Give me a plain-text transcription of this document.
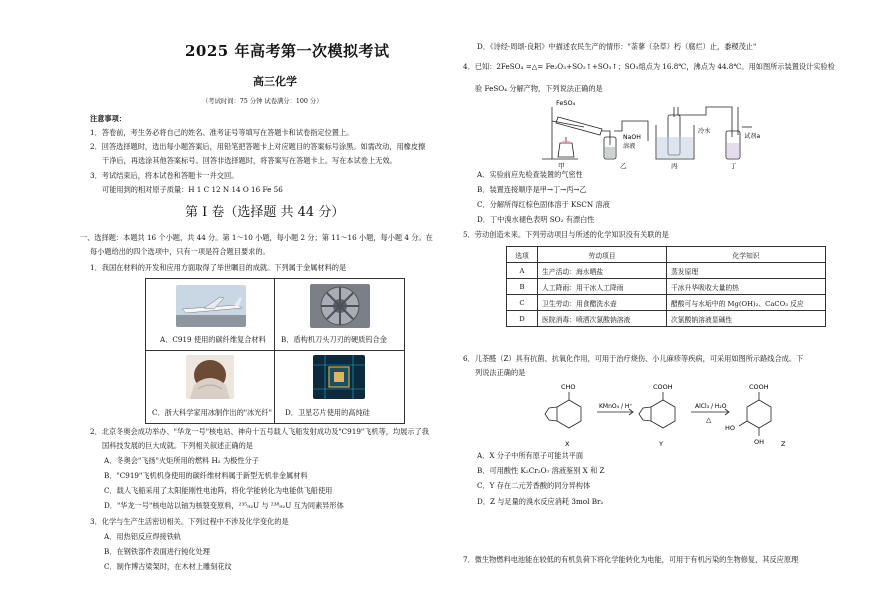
2025 年高考第一次模拟考试
高三化学
（考试时间：75 分钟 试卷满分：100 分）
注意事项：
1．答卷前，考生务必将自己的姓名、准考证号等填写在答题卡和试卷指定位置上。
2．回答选择题时，选出每小题答案后，用铅笔把答题卡上对应题目的答案标号涂黑。如需改动，用橡皮擦
干净后，再选涂其他答案标号。回答非选择题时，将答案写在答题卡上。写在本试卷上无效。
3．考试结束后，将本试卷和答题卡一并交回。
可能用到的相对原子质量：H 1 C 12 N 14 O 16 Fe 56
第 I 卷（选择题 共 44 分）
一、选择题：本题共 16 个小题，共 44 分。第 1～10 小题，每小题 2 分；第 11～16 小题，每小题 4 分。在
每小题给出的四个选项中，只有一项是符合题目要求的。
1．我国在材料的开发和应用方面取得了举世瞩目的成就。下列属于金属材料的是
A．C919 使用的碳纤维复合材料 B．盾构机刀头刀刃的硬质钨合金
C．浙大科学家用冰制作出的"冰光纤" D．卫星芯片使用的高纯硅
2．北京冬奥会成功举办、"华龙一号"核电站、神舟十五号载人飞船发射成功及"C919"飞机等，均展示了我
国科技发展的巨大成就。下列相关叙述正确的是
A．冬奥会"飞扬"火炬所用的燃料 H₂ 为极性分子
B．"C919"飞机机身使用的碳纤维材料属于新型无机非金属材料
C．载人飞船采用了太阳能刚性电池阵，将化学能转化为电能供飞船使用
D．"华龙一号"核电站以铀为核裂变原料，²³⁵₉₂U 与 ²³⁸₉₂U 互为同素异形体
3．化学与生产生活密切相关。下列过程中不涉及化学变化的是
A．用热铝反应焊接铁轨
B．在钢铁部件表面进行钝化处理
C．制作博古梁架时，在木材上雕刻花纹
D．《诗经·周颂·良耜》中描述农民生产的情形："荼蓼（杂草）朽（腐烂）止，黍稷茂止"
4．已知：2FeSO₄ =△= Fe₂O₃+SO₂↑+SO₃↑；SO₃熔点为 16.8℃，沸点为 44.8℃。用如图所示装置设计实验检
验 FeSO₄ 分解产物，下列说法正确的是
FeSO₄
NaOH
溶液
冷水
试剂a
甲	乙	丙	丁
A．实验前应先检查装置的气密性
B．装置连接顺序是甲→丁→丙→乙
C．分解所得红棕色固体溶于 KSCN 溶液
D．丁中溴水褪色表明 SO₂ 有漂白性
5．劳动创造未来。下列劳动项目与所述的化学知识没有关联的是
选项	劳动项目	化学知识
A	生产活动：海水晒盐	蒸发原理
B	人工降雨：用干冰人工降雨	干冰升华吸收大量的热
C	卫生劳动：用食醋洗水壶	醋酸可与水垢中的 Mg(OH)₂、CaCO₃ 反应
D	医院消毒：喷洒次氯酸钠溶液	次氯酸钠溶液显碱性
6．儿茶醛（Z）具有抗菌、抗氧化作用，可用于治疗烧伤、小儿麻疹等疾病，可采用如图所示路线合成。下
列说法正确的是
CHO	COOH	COOH
HO
OH
KMnO₄ / H⁺	AlCl₃ / H₂O
△
X	Y	Z
A．X 分子中所有原子可能共平面
B．可用酸性 K₂Cr₂O₇ 溶液鉴别 X 和 Z
C．Y 存在二元芳香酸的同分异构体
D．Z 与足量的溴水反应消耗 3mol Br₂
7．微生物燃料电池能在较低的有机负荷下将化学能转化为电能，可用于有机污染的生物修复，其反应原理
